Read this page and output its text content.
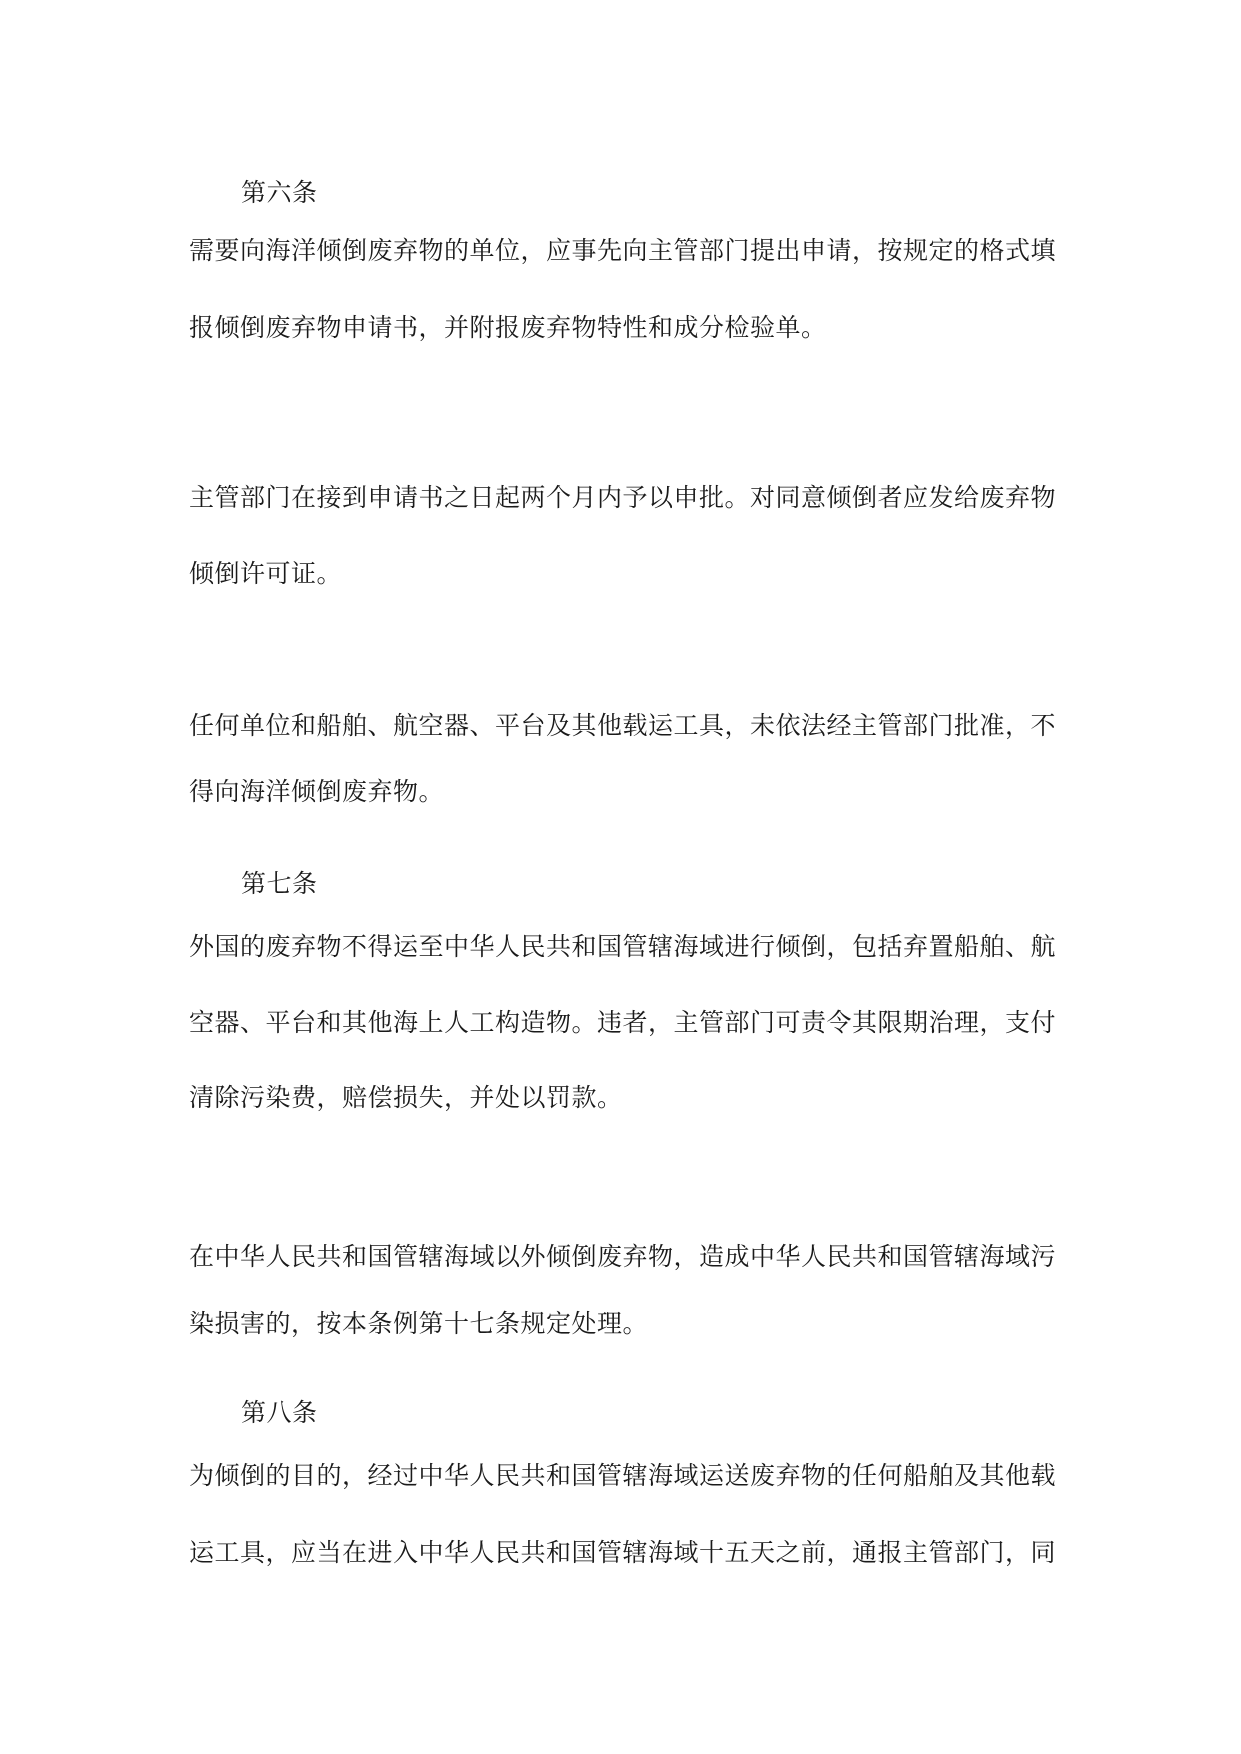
第六条
需要向海洋倾倒废弃物的单位，应事先向主管部门提出申请，按规定的格式填
报倾倒废弃物申请书，并附报废弃物特性和成分检验单。
主管部门在接到申请书之日起两个月内予以申批。对同意倾倒者应发给废弃物
倾倒许可证。
任何单位和船舶、航空器、平台及其他载运工具，未依法经主管部门批准，不
得向海洋倾倒废弃物。
第七条
外国的废弃物不得运至中华人民共和国管辖海域进行倾倒，包括弃置船舶、航
空器、平台和其他海上人工构造物。违者，主管部门可责令其限期治理，支付
清除污染费，赔偿损失，并处以罚款。
在中华人民共和国管辖海域以外倾倒废弃物，造成中华人民共和国管辖海域污
染损害的，按本条例第十七条规定处理。
第八条
为倾倒的目的，经过中华人民共和国管辖海域运送废弃物的任何船舶及其他载
运工具，应当在进入中华人民共和国管辖海域十五天之前，通报主管部门，同
